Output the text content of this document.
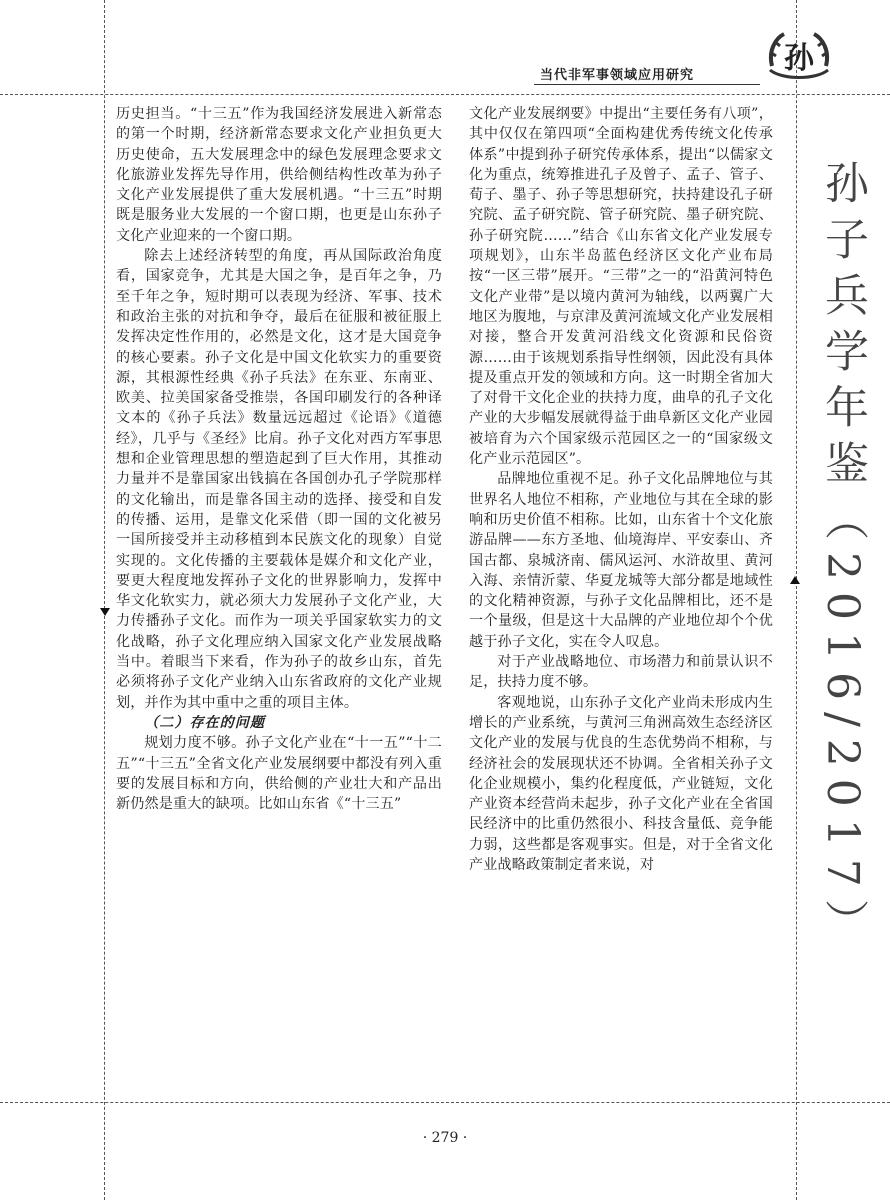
当代非军事领域应用研究	孙
孙子兵学年鉴（2016/2017）

历史担当。“十三五”作为我国经济发展进入新常态的第一个时期，经济新常态要求文化产业担负更大历史使命，五大发展理念中的绿色发展理念要求文化旅游业发挥先导作用，供给侧结构性改革为孙子文化产业发展提供了重大发展机遇。“十三五”时期既是服务业大发展的一个窗口期，也更是山东孙子文化产业迎来的一个窗口期。

除去上述经济转型的角度，再从国际政治角度看，国家竞争，尤其是大国之争，是百年之争，乃至千年之争，短时期可以表现为经济、军事、技术和政治主张的对抗和争夺，最后在征服和被征服上发挥决定性作用的，必然是文化，这才是大国竞争的核心要素。孙子文化是中国文化软实力的重要资源，其根源性经典《孙子兵法》在东亚、东南亚、欧美、拉美国家备受推崇，各国印刷发行的各种译文本的《孙子兵法》数量远远超过《论语》《道德经》，几乎与《圣经》比肩。孙子文化对西方军事思想和企业管理思想的塑造起到了巨大作用，其推动力量并不是靠国家出钱搞在各国创办孔子学院那样的文化输出，而是靠各国主动的选择、接受和自发的传播、运用，是靠文化采借（即一国的文化被另一国所接受并主动移植到本民族文化的现象）自觉实现的。文化传播的主要载体是媒介和文化产业，要更大程度地发挥孙子文化的世界影响力，发挥中华文化软实力，就必须大力发展孙子文化产业，大力传播孙子文化。而作为一项关乎国家软实力的文化战略，孙子文化理应纳入国家文化产业发展战略当中。着眼当下来看，作为孙子的故乡山东，首先必须将孙子文化产业纳入山东省政府的文化产业规划，并作为其中重中之重的项目主体。

（二）存在的问题

规划力度不够。孙子文化产业在“十一五”“十二五”“十三五”全省文化产业发展纲要中都没有列入重要的发展目标和方向，供给侧的产业壮大和产品出新仍然是重大的缺项。比如山东省《“十三五”

文化产业发展纲要》中提出“主要任务有八项”，其中仅仅在第四项“全面构建优秀传统文化传承体系”中提到孙子研究传承体系，提出“以儒家文化为重点，统筹推进孔子及曾子、孟子、管子、荀子、墨子、孙子等思想研究，扶持建设孔子研究院、孟子研究院、管子研究院、墨子研究院、孙子研究院……”结合《山东省文化产业发展专项规划》，山东半岛蓝色经济区文化产业布局按“一区三带”展开。“三带”之一的“沿黄河特色文化产业带”是以境内黄河为轴线，以两翼广大地区为腹地，与京津及黄河流域文化产业发展相对接，整合开发黄河沿线文化资源和民俗资源……由于该规划系指导性纲领，因此没有具体提及重点开发的领域和方向。这一时期全省加大了对骨干文化企业的扶持力度，曲阜的孔子文化产业的大步幅发展就得益于曲阜新区文化产业园被培育为六个国家级示范园区之一的“国家级文化产业示范园区”。

品牌地位重视不足。孙子文化品牌地位与其世界名人地位不相称，产业地位与其在全球的影响和历史价值不相称。比如，山东省十个文化旅游品牌——东方圣地、仙境海岸、平安泰山、齐国古都、泉城济南、儒风运河、水浒故里、黄河入海、亲情沂蒙、华夏龙城等大部分都是地域性的文化精神资源，与孙子文化品牌相比，还不是一个量级，但是这十大品牌的产业地位却个个优越于孙子文化，实在令人叹息。

对于产业战略地位、市场潜力和前景认识不足，扶持力度不够。

客观地说，山东孙子文化产业尚未形成内生增长的产业系统，与黄河三角洲高效生态经济区文化产业的发展与优良的生态优势尚不相称，与经济社会的发展现状还不协调。全省相关孙子文化企业规模小，集约化程度低，产业链短，文化产业资本经营尚未起步，孙子文化产业在全省国民经济中的比重仍然很小、科技含量低、竞争能力弱，这些都是客观事实。但是，对于全省文化产业战略政策制定者来说，对

· 279 ·
